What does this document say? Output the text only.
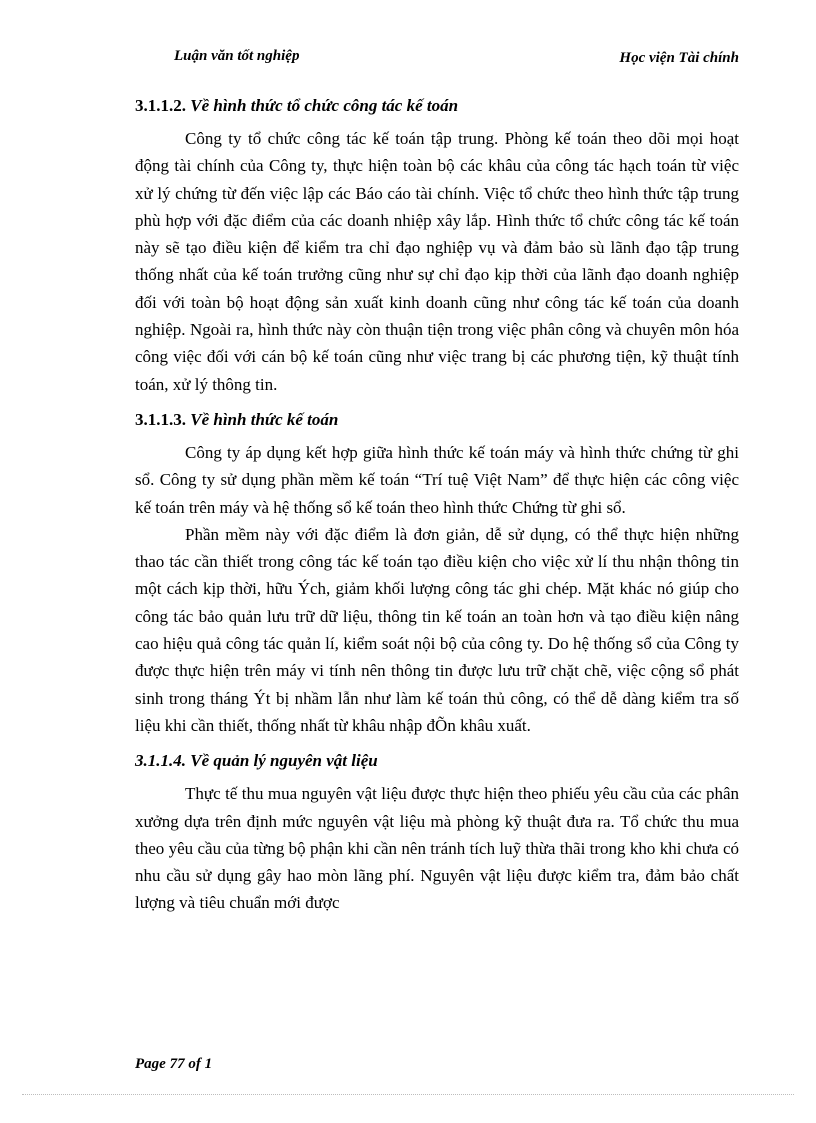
Luận văn tốt nghiệp	Học viện Tài chính
3.1.1.2. Về hình thức tổ chức công tác kế toán

Công ty tổ chức công tác kế toán tập trung. Phòng kế toán theo dõi mọi hoạt động tài chính của Công ty, thực hiện toàn bộ các khâu của công tác hạch toán từ việc xử lý chứng từ đến việc lập các Báo cáo tài chính. Việc tổ chức theo hình thức tập trung phù hợp với đặc điểm của các doanh nhiệp xây lắp. Hình thức tổ chức công tác kế toán này sẽ tạo điều kiện để kiểm tra chỉ đạo nghiệp vụ và đảm bảo sù lãnh đạo tập trung thống nhất của kế toán trưởng cũng như sự chỉ đạo kịp thời của lãnh đạo doanh nghiệp đối với toàn bộ hoạt động sản xuất kinh doanh cũng như công tác kế toán của doanh nghiệp. Ngoài ra, hình thức này còn thuận tiện trong việc phân công và chuyên môn hóa công việc đối với cán bộ kế toán cũng như việc trang bị các phương tiện, kỹ thuật tính toán, xử lý thông tin.

3.1.1.3. Về hình thức kế toán

Công ty áp dụng kết hợp giữa hình thức kế toán máy và hình thức chứng từ ghi sổ. Công ty sử dụng phần mềm kế toán “Trí tuệ Việt Nam” để thực hiện các công việc kế toán trên máy và hệ thống sổ kế toán theo hình thức Chứng từ ghi sổ.

Phần mềm này với đặc điểm là đơn giản, dễ sử dụng, có thể thực hiện những thao tác cần thiết trong công tác kế toán tạo điều kiện cho việc xử lí thu nhận thông tin một cách kịp thời, hữu Ých, giảm khối lượng công tác ghi chép. Mặt khác nó giúp cho công tác bảo quản lưu trữ dữ liệu, thông tin kế toán an toàn hơn và tạo điều kiện nâng cao hiệu quả công tác quản lí, kiểm soát nội bộ của công ty. Do hệ thống sổ của Công ty được thực hiện trên máy vi tính nên thông tin được lưu trữ chặt chẽ, việc cộng sổ phát sinh trong tháng Ýt bị nhầm lẫn như làm kế toán thủ công, có thể dễ dàng kiểm tra số liệu khi cần thiết, thống nhất từ khâu nhập đÕn khâu xuất.

3.1.1.4. Về quản lý nguyên vật liệu

Thực tế thu mua nguyên vật liệu được thực hiện theo phiếu yêu cầu của các phân xưởng dựa trên định mức nguyên vật liệu mà phòng kỹ thuật đưa ra. Tổ chức thu mua theo yêu cầu của từng bộ phận khi cần nên tránh tích luỹ thừa thãi trong kho khi chưa có nhu cầu sử dụng gây hao mòn lãng phí. Nguyên vật liệu được kiểm tra, đảm bảo chất lượng và tiêu chuẩn mới được

Page 77 of 1
